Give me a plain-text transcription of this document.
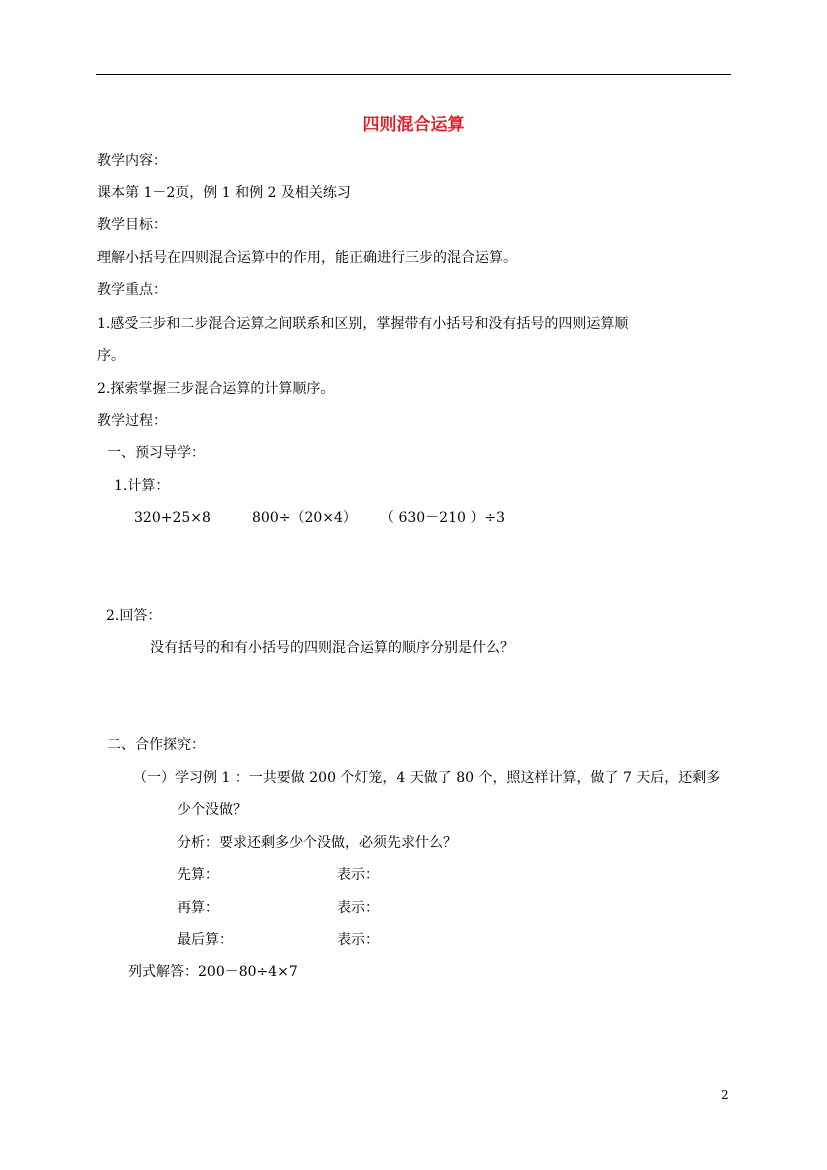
四则混合运算
教学内容：
课本第 1－2页，例 1 和例 2 及相关练习
教学目标：
理解小括号在四则混合运算中的作用，能正确进行三步的混合运算。
教学重点：
1.感受三步和二步混合运算之间联系和区别，掌握带有小括号和没有括号的四则运算顺
序。
2.探索掌握三步混合运算的计算顺序。
教学过程：
一、预习导学：
1.计算：
320+25×8	800÷（20×4） （ 630－210 ）÷3
2.回答：
没有括号的和有小括号的四则混合运算的顺序分别是什么？
二、合作探究：
（一）学习例 1 ：一共要做 200 个灯笼，4 天做了 80 个，照这样计算，做了 7 天后，还剩多
少个没做？
分析：要求还剩多少个没做，必须先求什么？
先算：	表示：
再算：	表示：
最后算：	表示：
列式解答：200－80÷4×7
2
